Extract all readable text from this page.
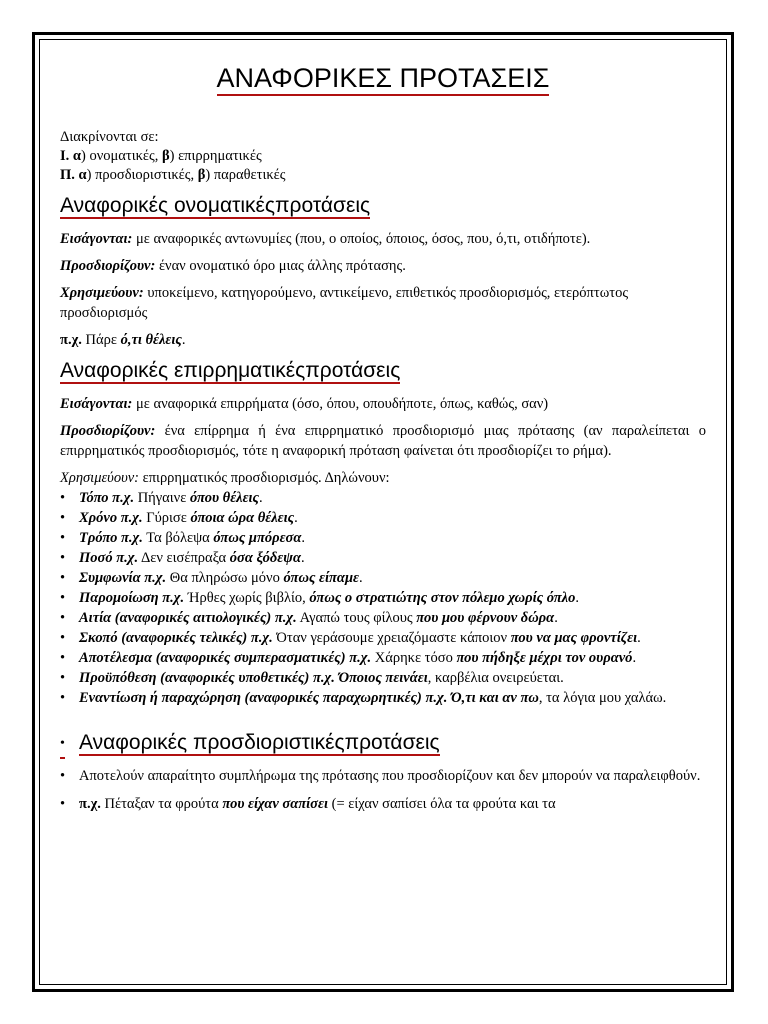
ΑΝΑΦΟΡΙΚΕΣ ΠΡΟΤΑΣΕΙΣ

Διακρίνονται σε:

Ι. α) ονοματικές, β) επιρρηματικές

Π. α) προσδιοριστικές, β) παραθετικές

Αναφορικές ονοματικέςπροτάσεις

Εισάγονται: με αναφορικές αντωνυμίες (που, ο οποίος, όποιος, όσος, που, ό,τι, οτιδήποτε).

Προσδιορίζουν: έναν ονοματικό όρο μιας άλλης πρότασης.

Χρησιμεύουν: υποκείμενο, κατηγορούμενο, αντικείμενο, επιθετικός προσδιορισμός, ετερόπτωτος προσδιορισμός

π.χ. Πάρε ό,τι θέλεις.

Αναφορικές επιρρηματικέςπροτάσεις

Εισάγονται: με αναφορικά επιρρήματα (όσο, όπου, οπουδήποτε, όπως, καθώς, σαν)

Προσδιορίζουν: ένα επίρρημα ή ένα επιρρηματικό προσδιορισμό μιας πρότασης (αν παραλείπεται ο επιρρηματικός προσδιορισμός, τότε η αναφορική πρόταση φαίνεται ότι προσδιορίζει το ρήμα).

Χρησιμεύουν: επιρρηματικός προσδιορισμός. Δηλώνουν:

• Τόπο π.χ. Πήγαινε όπου θέλεις.
• Χρόνο π.χ. Γύρισε όποια ώρα θέλεις.
• Τρόπο π.χ. Τα βόλεψα όπως μπόρεσα.
• Ποσό π.χ. Δεν εισέπραξα όσα ξόδεψα.
• Συμφωνία π.χ. Θα πληρώσω μόνο όπως είπαμε.
• Παρομοίωση π.χ. Ήρθες χωρίς βιβλίο, όπως ο στρατιώτης στον πόλεμο χωρίς όπλο.
• Αιτία (αναφορικές αιτιολογικές) π.χ. Αγαπώ τους φίλους που μου φέρνουν δώρα.
• Σκοπό (αναφορικές τελικές) π.χ. Όταν γεράσουμε χρειαζόμαστε κάποιον που να μας φροντίζει.
• Αποτέλεσμα (αναφορικές συμπερασματικές) π.χ. Χάρηκε τόσο που πήδηξε μέχρι τον ουρανό.
• Προϋπόθεση (αναφορικές υποθετικές) π.χ. Όποιος πεινάει, καρβέλια ονειρεύεται.
• Εναντίωση ή παραχώρηση (αναφορικές παραχωρητικές) π.χ. Ό,τι και αν πω, τα λόγια μου χαλάω.
• Αναφορικές προσδιοριστικέςπροτάσεις
• Αποτελούν απαραίτητο συμπλήρωμα της πρότασης που προσδιορίζουν και δεν μπορούν να παραλειφθούν.
• π.χ. Πέταξαν τα φρούτα που είχαν σαπίσει (= είχαν σαπίσει όλα τα φρούτα και τα
